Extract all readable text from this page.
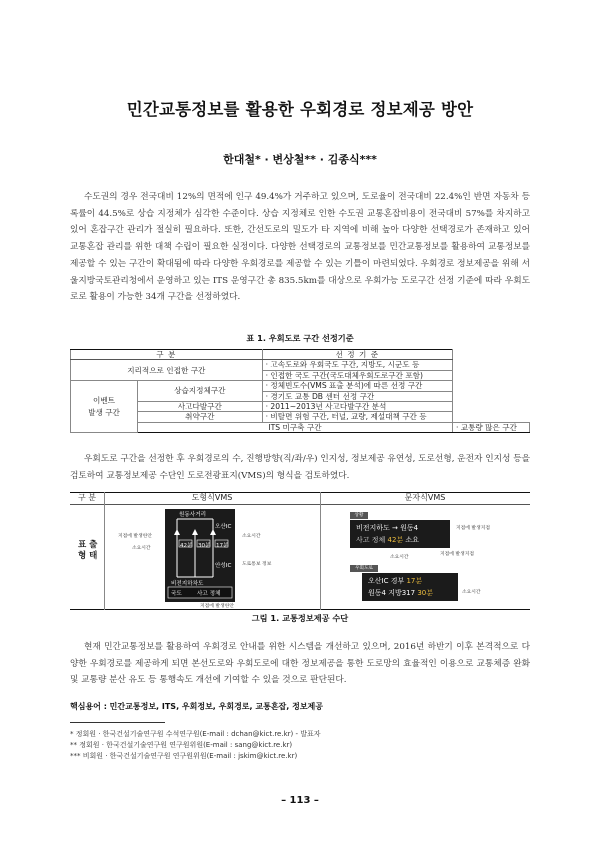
민간교통정보를 활용한 우회경로 정보제공 방안
한대철* · 변상철** · 김종식***

수도권의 경우 전국대비 12%의 면적에 인구 49.4%가 거주하고 있으며, 도로율이 전국대비 22.4%인 반면 자동차 등록률이 44.5%로 상습 지정체가 심각한 수준이다. 상습 지정체로 인한 수도권 교통혼잡비용이 전국대비 57%를 차지하고 있어 혼잡구간 관리가 절실히 필요하다. 또한, 간선도로의 밀도가 타 지역에 비해 높아 다양한 선택경로가 존재하고 있어 교통혼잡 관리를 위한 대책 수립이 필요한 실정이다. 다양한 선택경로의 교통정보를 민간교통정보를 활용하여 교통정보를 제공할 수 있는 구간이 확대됨에 따라 다양한 우회경로를 제공할 수 있는 기틀이 마련되었다. 우회경로 정보제공을 위해 서울지방국토관리청에서 운영하고 있는 ITS 운영구간 총 835.5km를 대상으로 우회가능 도로구간 선정 기준에 따라 우회도로로 활용이 가능한 34개 구간을 선정하였다.

표 1. 우회도로 구간 선정기준
구 분		선 정 기 준	
지리적으로 인접한 구간		· 고속도로와 우회국도 구간, 지방도, 시군도 등	
		· 인접한 국도 구간(국도대체우회도로구간 포함)	
이벤트
발생 구간	상습지정체구간	· 정체빈도수(VMS 표출 분석)에 따른 선정 구간	
		· 경기도 교통 DB 센터 선정 구간	
	사고다발구간	· 2011~2013년 사고다발구간 분석	
	취약구간	· 비탈면 위험 구간, 터널, 교량, 제설대책 구간 등	
	ITS 미구축 구간		· 교통량 많은 구간

우회도로 구간을 선정한 후 우회경로의 수, 진행방향(직/좌/우) 인지성, 정보제공 유연성, 도로선형, 운전자 인지성 등을 검토하여 교통정보제공 수단인 도로전광표지(VMS)의 형식을 검토하였다.

구 분	도형식VMS	문자식VMS
표 출
형 태
원동사거리
오산IC
42분 30분 17분
안성IC
비전지하차도
국도	사고 정체
지점에 발생한안
소요시간
소요시간
도로통보 정보
지점에 발생한안
상황
비전지하도 → 원동4
사고 정체 42분 소요
우회도로
오산IC 경부 17분
원동4 지방317 30분
지점에 발생지점
소요시간
지점에 발생지점
소요시간
그림 1. 교통정보제공 수단

현재 민간교통정보를 활용하여 우회경로 안내를 위한 시스템을 개선하고 있으며, 2016년 하반기 이후 본격적으로 다양한 우회경로를 제공하게 되면 본선도로와 우회도로에 대한 정보제공을 통한 도로망의 효율적인 이용으로 교통체증 완화 및 교통량 분산 유도 등 통행속도 개선에 기여할 수 있을 것으로 판단된다.

핵심용어 : 민간교통정보, ITS, 우회정보, 우회경로, 교통혼잡, 정보제공
* 정회원 · 한국건설기술연구원 수석연구원(E-mail : dchan@kict.re.kr) - 발표자
** 정회원 · 한국건설기술연구원 연구원위원(E-mail : sang@kict.re.kr)
*** 비회원 · 한국건설기술연구원 연구원위원(E-mail : jskim@kict.re.kr)
– 113 –
